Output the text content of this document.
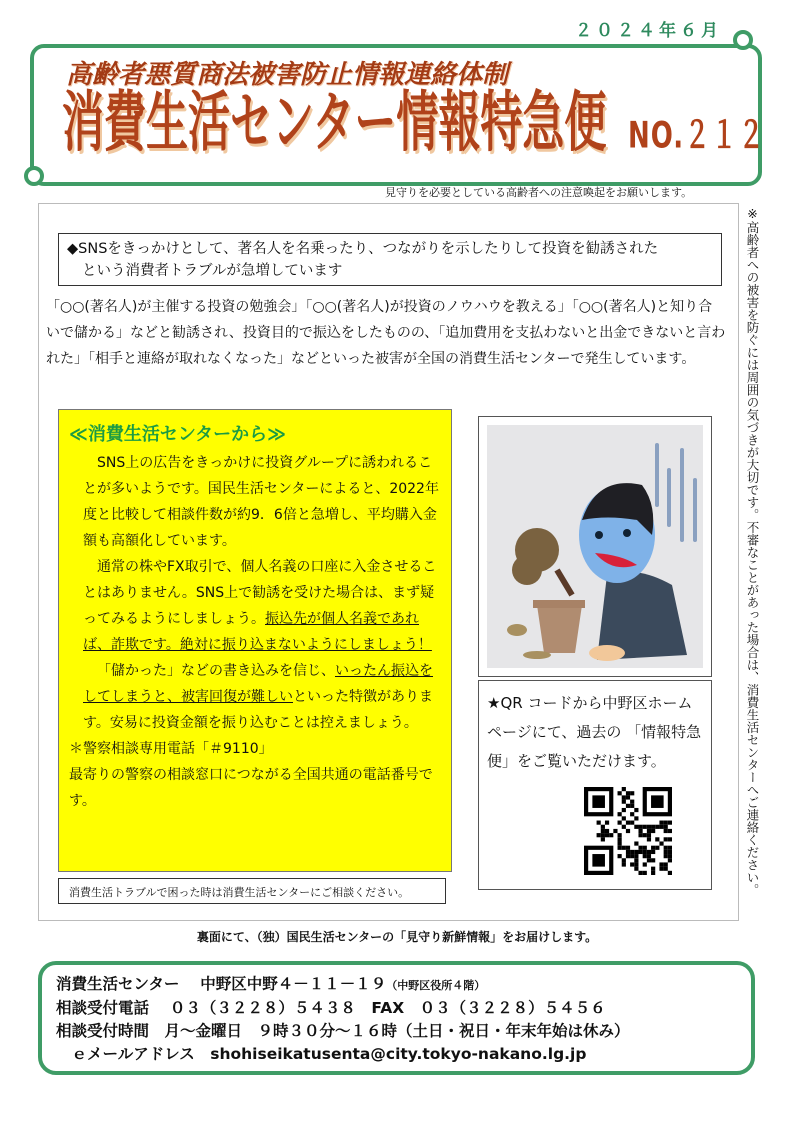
２０２４年６月
高齢者悪質商法被害防止情報連絡体制
消費生活センター情報特急便 NO.２１２
見守りを必要としている高齢者への注意喚起をお願いします。
◆SNSをきっかけとして、著名人を名乗ったり、つながりを示したりして投資を勧誘された
という消費者トラブルが急増しています
「○○(著名人)が主催する投資の勉強会」「○○(著名人)が投資のノウハウを教える」「○○(著名人)と知り合いで儲かる」などと勧誘され、投資目的で振込をしたものの、「追加費用を支払わないと出金できないと言われた」「相手と連絡が取れなくなった」などといった被害が全国の消費生活センターで発生しています。
≪消費生活センターから≫

SNS上の広告をきっかけに投資グループに誘われることが多いようです。国民生活センターによると、2022年度と比較して相談件数が約9．6倍と急増し、平均購入金額も高額化しています。

通常の株やFX取引で、個人名義の口座に入金させることはありません。SNS上で勧誘を受けた場合は、まず疑ってみるようにしましょう。振込先が個人名義であれば、詐欺です。絶対に振り込まないようにしましょう！

「儲かった」などの書き込みを信じ、いったん振込をしてしまうと、被害回復が難しいといった特徴があります。安易に投資金額を振り込むことは控えましょう。

＊警察相談専用電話「＃9110」

最寄りの警察の相談窓口につながる全国共通の電話番号です。

消費生活トラブルで困った時は消費生活センターにご相談ください。
★QR コードから中野区ホームページにて、過去の 「情報特急便」をご覧いただけます。	※高齢者への被害を防ぐには周囲の気づきが大切です。不審なことがあった場合は、消費生活センターへご連絡ください。
裏面にて、（独）国民生活センターの「見守り新鮮情報」をお届けします。
消費生活センター　 中野区中野４－１１－１９（中野区役所４階）
相談受付電話　 ０３（３２２８）５４３８　FAX　０３（３２２８）５４５６
相談受付時間　月～金曜日　９時３０分～１６時（土日・祝日・年末年始は休み）
　ｅメールアドレス　shohiseikatusenta@city.tokyo-nakano.lg.jp
